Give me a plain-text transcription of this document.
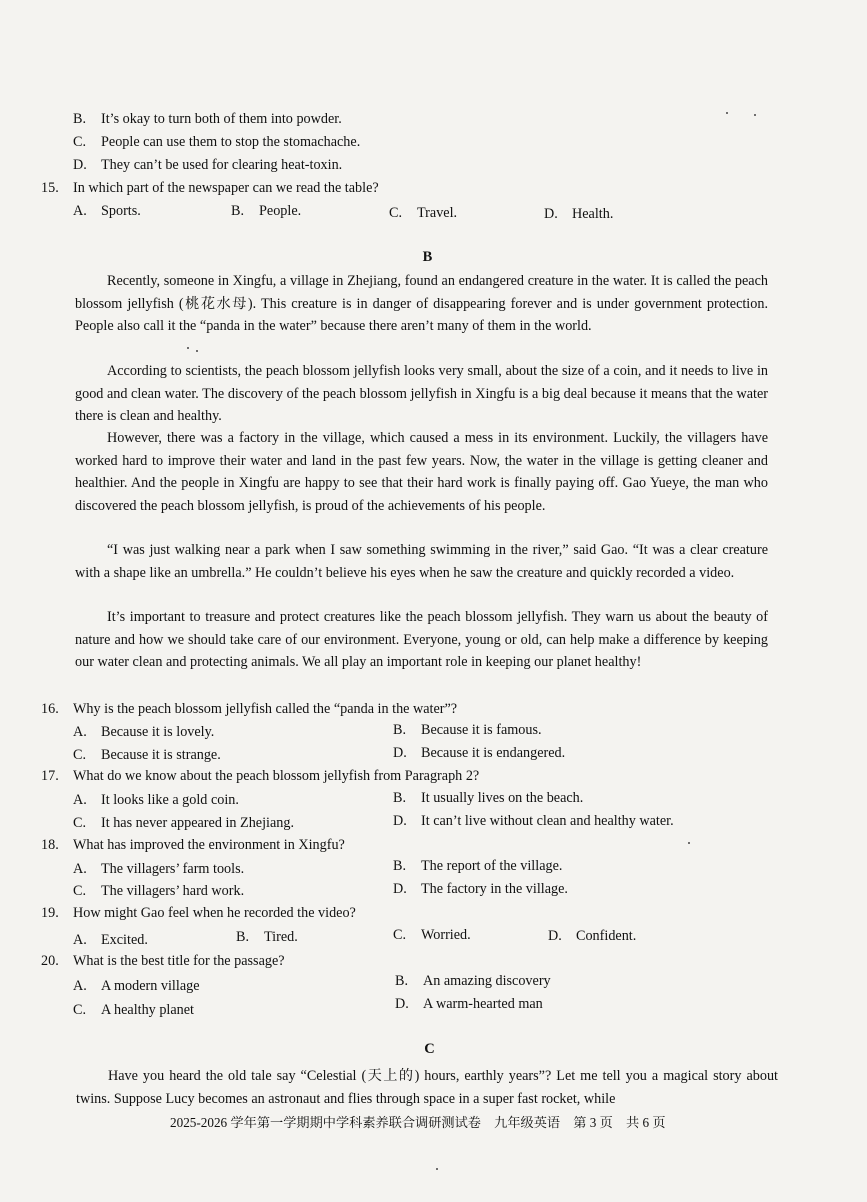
B. It’s okay to turn both of them into powder.
C. People can use them to stop the stomachache.
D. They can’t be used for clearing heat-toxin.
15. In which part of the newspaper can we read the table?
A. Sports.	B. People.	C. Travel.	D. Health.
B
Recently, someone in Xingfu, a village in Zhejiang, found an endangered creature in the water. It is called the peach blossom jellyfish (桃花水母). This creature is in danger of disappearing forever and is under government protection. People also call it the “panda in the water” because there aren’t many of them in the world.
According to scientists, the peach blossom jellyfish looks very small, about the size of a coin, and it needs to live in good and clean water. The discovery of the peach blossom jellyfish in Xingfu is a big deal because it means that the water there is clean and healthy.
However, there was a factory in the village, which caused a mess in its environment. Luckily, the villagers have worked hard to improve their water and land in the past few years. Now, the water in the village is getting cleaner and healthier. And the people in Xingfu are happy to see that their hard work is finally paying off. Gao Yueye, the man who discovered the peach blossom jellyfish, is proud of the achievements of his people.
“I was just walking near a park when I saw something swimming in the river,” said Gao. “It was a clear creature with a shape like an umbrella.” He couldn’t believe his eyes when he saw the creature and quickly recorded a video.
It’s important to treasure and protect creatures like the peach blossom jellyfish. They warn us about the beauty of nature and how we should take care of our environment. Everyone, young or old, can help make a difference by keeping our water clean and protecting animals. We all play an important role in keeping our planet healthy!
16. Why is the peach blossom jellyfish called the “panda in the water”?
A. Because it is lovely.	B. Because it is famous.
C. Because it is strange.	D. Because it is endangered.
17. What do we know about the peach blossom jellyfish from Paragraph 2?
A. It looks like a gold coin.	B. It usually lives on the beach.
C. It has never appeared in Zhejiang.	D. It can’t live without clean and healthy water.
18. What has improved the environment in Xingfu?
A. The villagers’ farm tools.	B. The report of the village.
C. The villagers’ hard work.	D. The factory in the village.
19. How might Gao feel when he recorded the video?
A. Excited.	B. Tired.	C. Worried.	D. Confident.
20. What is the best title for the passage?
A. A modern village	B. An amazing discovery
C. A healthy planet	D. A warm-hearted man
C
Have you heard the old tale say “Celestial (天上的) hours, earthly years”? Let me tell you a magical story about twins. Suppose Lucy becomes an astronaut and flies through space in a super fast rocket, while
2025-2026 学年第一学期期中学科素养联合调研测试卷　九年级英语　第 3 页　共 6 页
